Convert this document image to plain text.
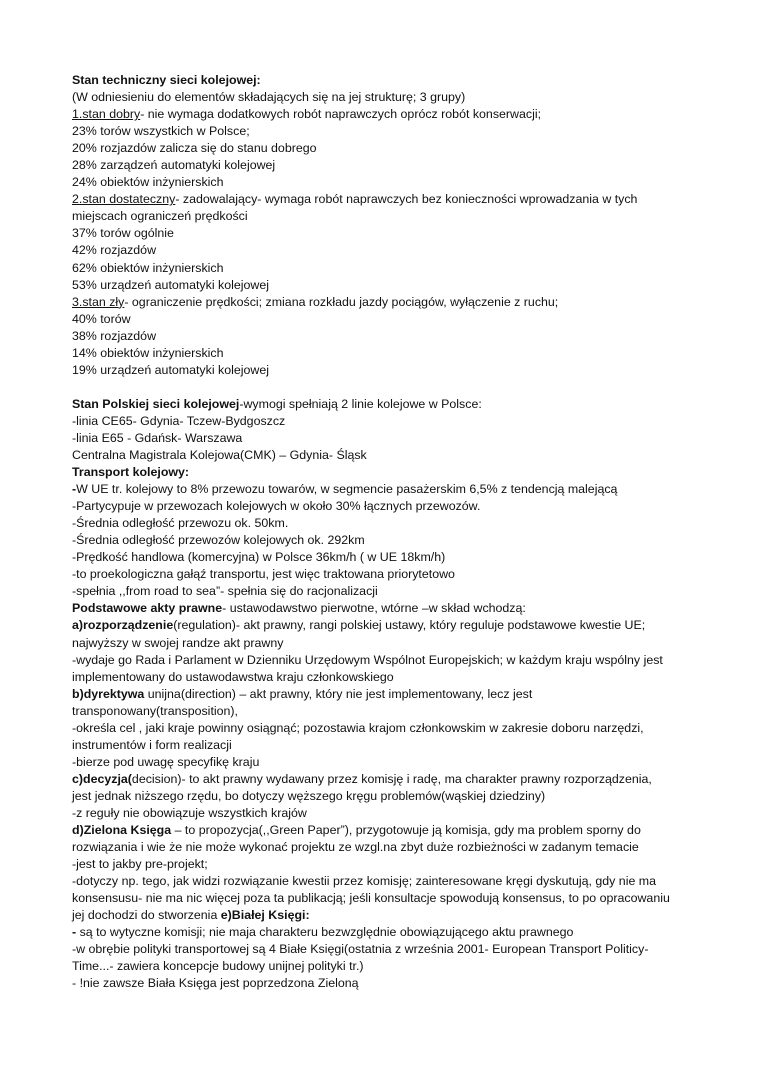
Stan techniczny sieci kolejowej:
(W odniesieniu do elementów składających się na jej strukturę; 3 grupy)
1.stan dobry- nie wymaga dodatkowych robót naprawczych oprócz robót konserwacji;
23% torów wszystkich w Polsce;
20% rozjazdów zalicza się do stanu dobrego
28% zarządzeń automatyki kolejowej
24% obiektów inżynierskich
2.stan dostateczny- zadowalający- wymaga robót naprawczych bez konieczności wprowadzania w tych
miejscach ograniczeń prędkości
37% torów ogólnie
42% rozjazdów
62% obiektów inżynierskich
53% urządzeń automatyki kolejowej
3.stan zły- ograniczenie prędkości; zmiana rozkładu jazdy pociągów, wyłączenie z ruchu;
40% torów
38% rozjazdów
14% obiektów inżynierskich
19% urządzeń automatyki kolejowej
Stan Polskiej sieci kolejowej-wymogi spełniają 2 linie kolejowe w Polsce:
-linia CE65- Gdynia- Tczew-Bydgoszcz
-linia E65 - Gdańsk- Warszawa
Centralna Magistrala Kolejowa(CMK) – Gdynia- Śląsk
Transport kolejowy:
-W UE tr. kolejowy to 8% przewozu towarów, w segmencie pasażerskim 6,5% z tendencją malejącą
-Partycypuje w przewozach kolejowych w około 30% łącznych przewozów.
-Średnia odległość przewozu ok. 50km.
-Średnia odległość przewozów kolejowych ok. 292km
-Prędkość handlowa (komercyjna) w Polsce 36km/h ( w UE 18km/h)
-to proekologiczna gałąź transportu, jest więc traktowana priorytetowo
-spełnia ,,from road to sea”- spełnia się do racjonalizacji
Podstawowe akty prawne- ustawodawstwo pierwotne, wtórne –w skład wchodzą:
a)rozporządzenie(regulation)- akt prawny, rangi polskiej ustawy, który reguluje podstawowe kwestie UE;
najwyższy w swojej randze akt prawny
-wydaje go Rada i Parlament w Dzienniku Urzędowym Wspólnot Europejskich; w każdym kraju wspólny jest
implementowany do ustawodawstwa kraju członkowskiego
b)dyrektywa unijna(direction) – akt prawny, który nie jest implementowany, lecz jest
transponowany(transposition),
-określa cel , jaki kraje powinny osiągnąć; pozostawia krajom członkowskim w zakresie doboru narzędzi,
instrumentów i form realizacji
-bierze pod uwagę specyfikę kraju
c)decyzja(decision)- to akt prawny wydawany przez komisję i radę, ma charakter prawny rozporządzenia,
jest jednak niższego rzędu, bo dotyczy węższego kręgu problemów(wąskiej dziedziny)
-z reguły nie obowiązuje wszystkich krajów
d)Zielona Księga – to propozycja(,,Green Paper”), przygotowuje ją komisja, gdy ma problem sporny do
rozwiązania i wie że nie może wykonać projektu ze wzgl.na zbyt duże rozbieżności w zadanym temacie
-jest to jakby pre-projekt;
-dotyczy np. tego, jak widzi rozwiązanie kwestii przez komisję; zainteresowane kręgi dyskutują, gdy nie ma
konsensusu- nie ma nic więcej poza ta publikacją; jeśli konsultacje spowodują konsensus, to po opracowaniu
jej dochodzi do stworzenia e)Białej Księgi:
- są to wytyczne komisji; nie maja charakteru bezwzględnie obowiązującego aktu prawnego
-w obrębie polityki transportowej są 4 Białe Księgi(ostatnia z września 2001- European Transport Politicy-
Time...- zawiera koncepcje budowy unijnej polityki tr.)
- !nie zawsze Biała Księga jest poprzedzona Zieloną
